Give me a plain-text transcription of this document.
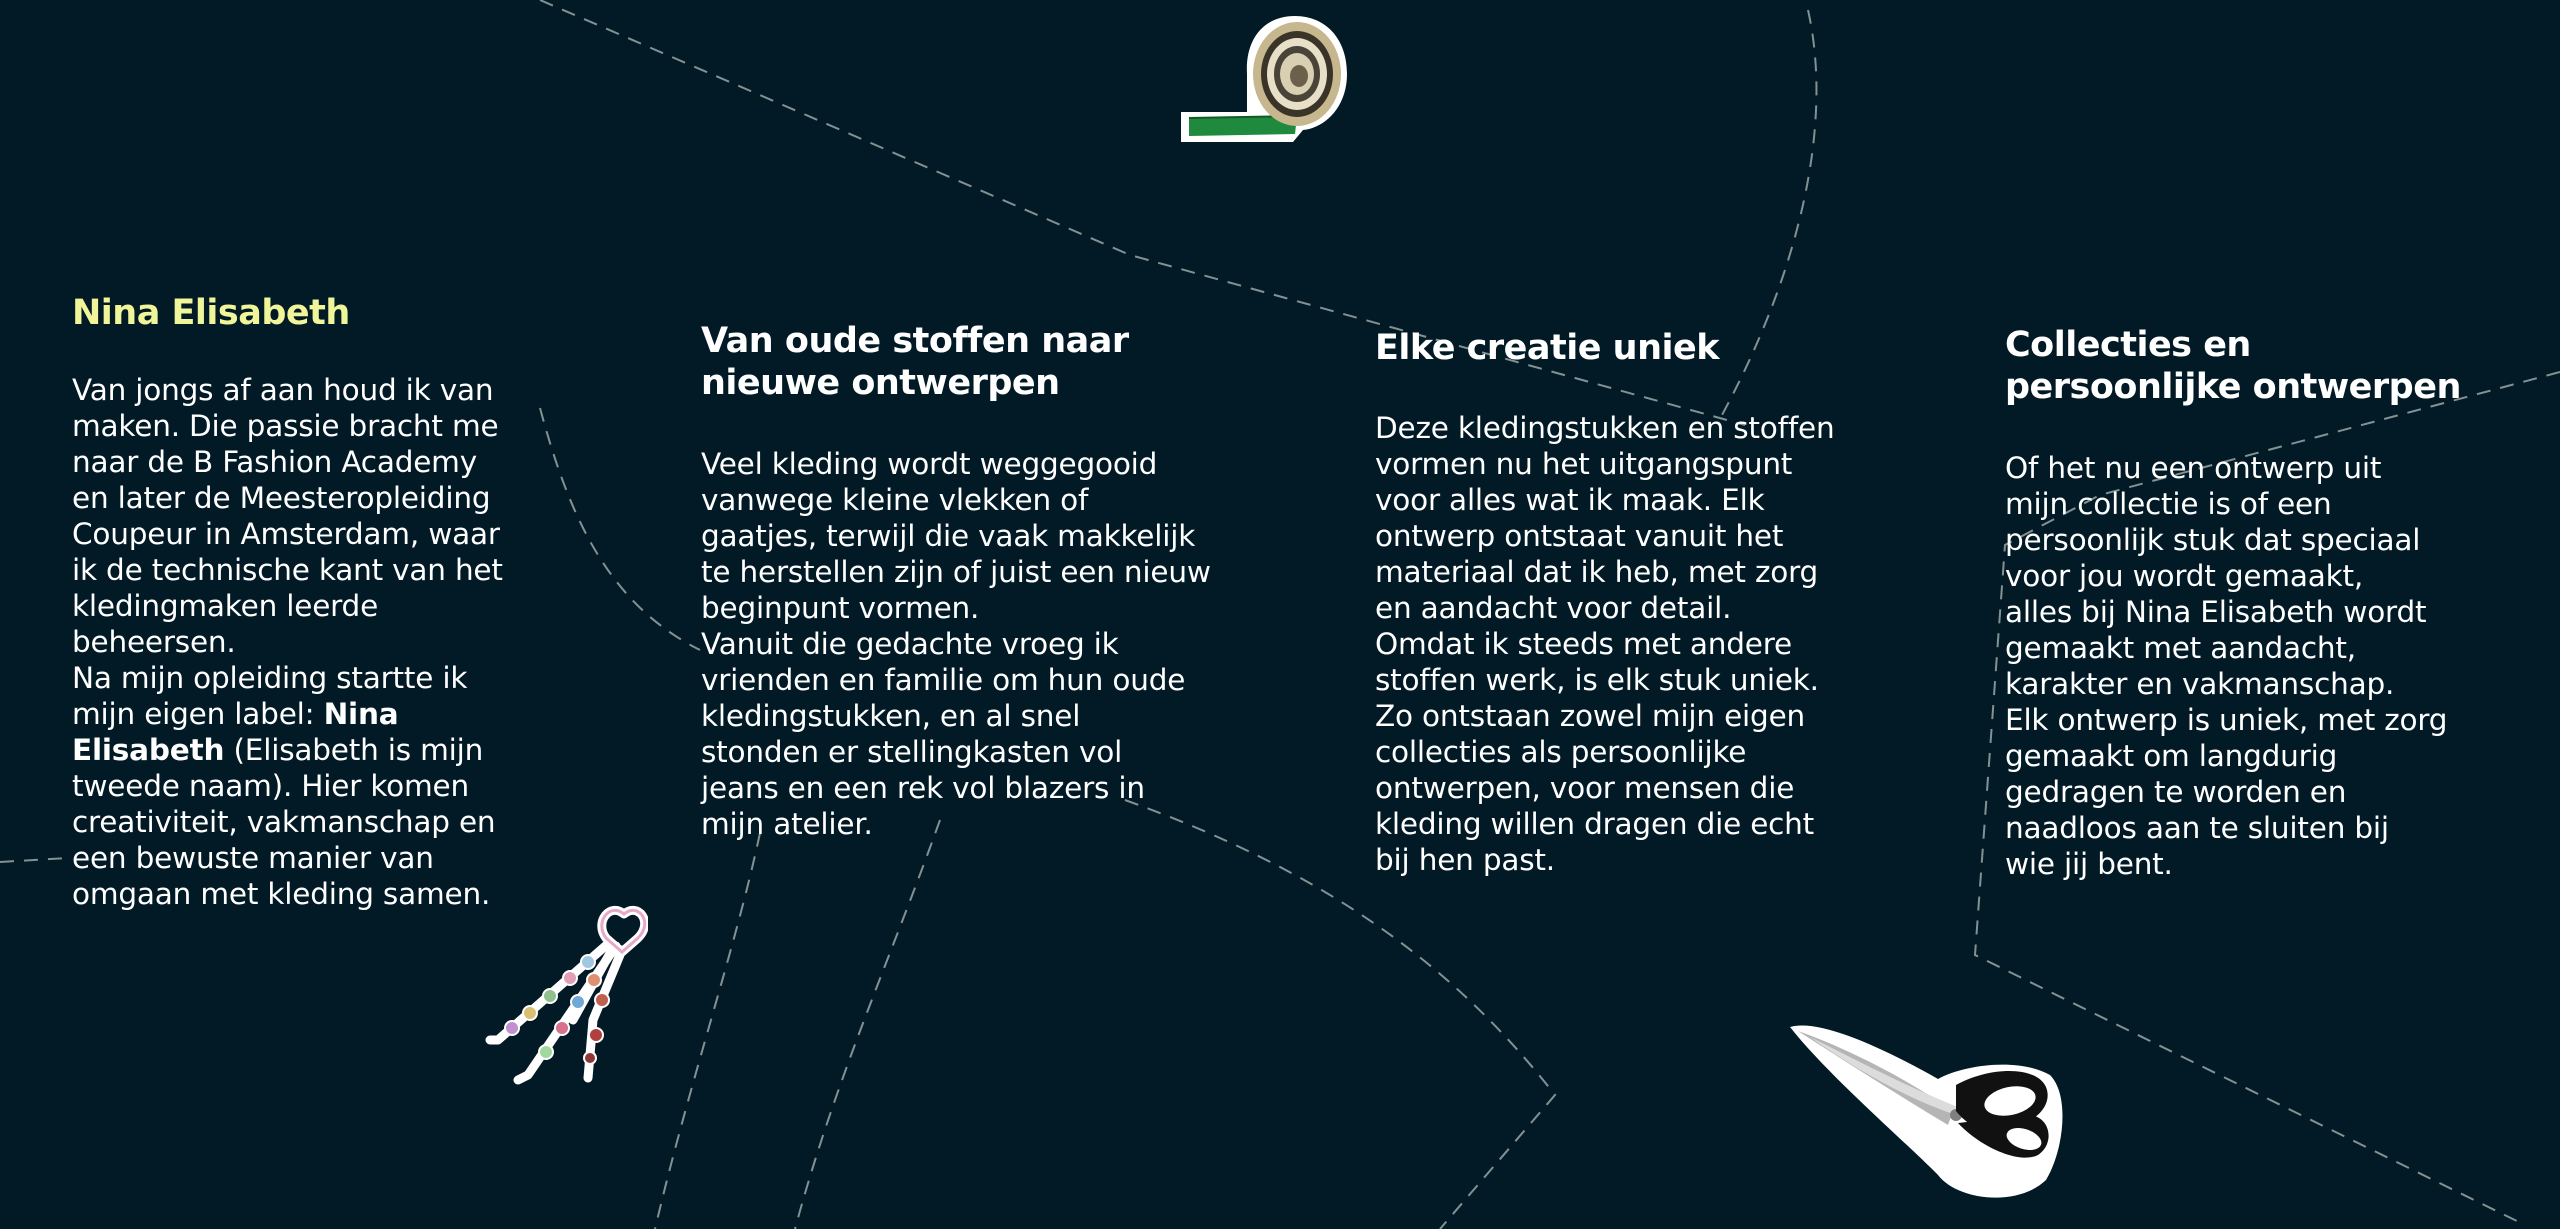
Nina Elisabeth

Van jongs af aan houd ik van
maken. Die passie bracht me
naar de B Fashion Academy
en later de Meesteropleiding
Coupeur in Amsterdam, waar
ik de technische kant van het
kledingmaken leerde
beheersen.
Na mijn opleiding startte ik
mijn eigen label: Nina
Elisabeth (Elisabeth is mijn
tweede naam). Hier komen
creativiteit, vakmanschap en
een bewuste manier van
omgaan met kleding samen.

Van oude stoffen naar
nieuwe ontwerpen

Veel kleding wordt weggegooid
vanwege kleine vlekken of
gaatjes, terwijl die vaak makkelijk
te herstellen zijn of juist een nieuw
beginpunt vormen.
Vanuit die gedachte vroeg ik
vrienden en familie om hun oude
kledingstukken, en al snel
stonden er stellingkasten vol
jeans en een rek vol blazers in
mijn atelier.

Elke creatie uniek

Deze kledingstukken en stoffen
vormen nu het uitgangspunt
voor alles wat ik maak. Elk
ontwerp ontstaat vanuit het
materiaal dat ik heb, met zorg
en aandacht voor detail.
Omdat ik steeds met andere
stoffen werk, is elk stuk uniek.
Zo ontstaan zowel mijn eigen
collecties als persoonlijke
ontwerpen, voor mensen die
kleding willen dragen die echt
bij hen past.

Collecties en
persoonlijke ontwerpen

Of het nu een ontwerp uit
mijn collectie is of een
persoonlijk stuk dat speciaal
voor jou wordt gemaakt,
alles bij Nina Elisabeth wordt
gemaakt met aandacht,
karakter en vakmanschap.
Elk ontwerp is uniek, met zorg
gemaakt om langdurig
gedragen te worden en
naadloos aan te sluiten bij
wie jij bent.
